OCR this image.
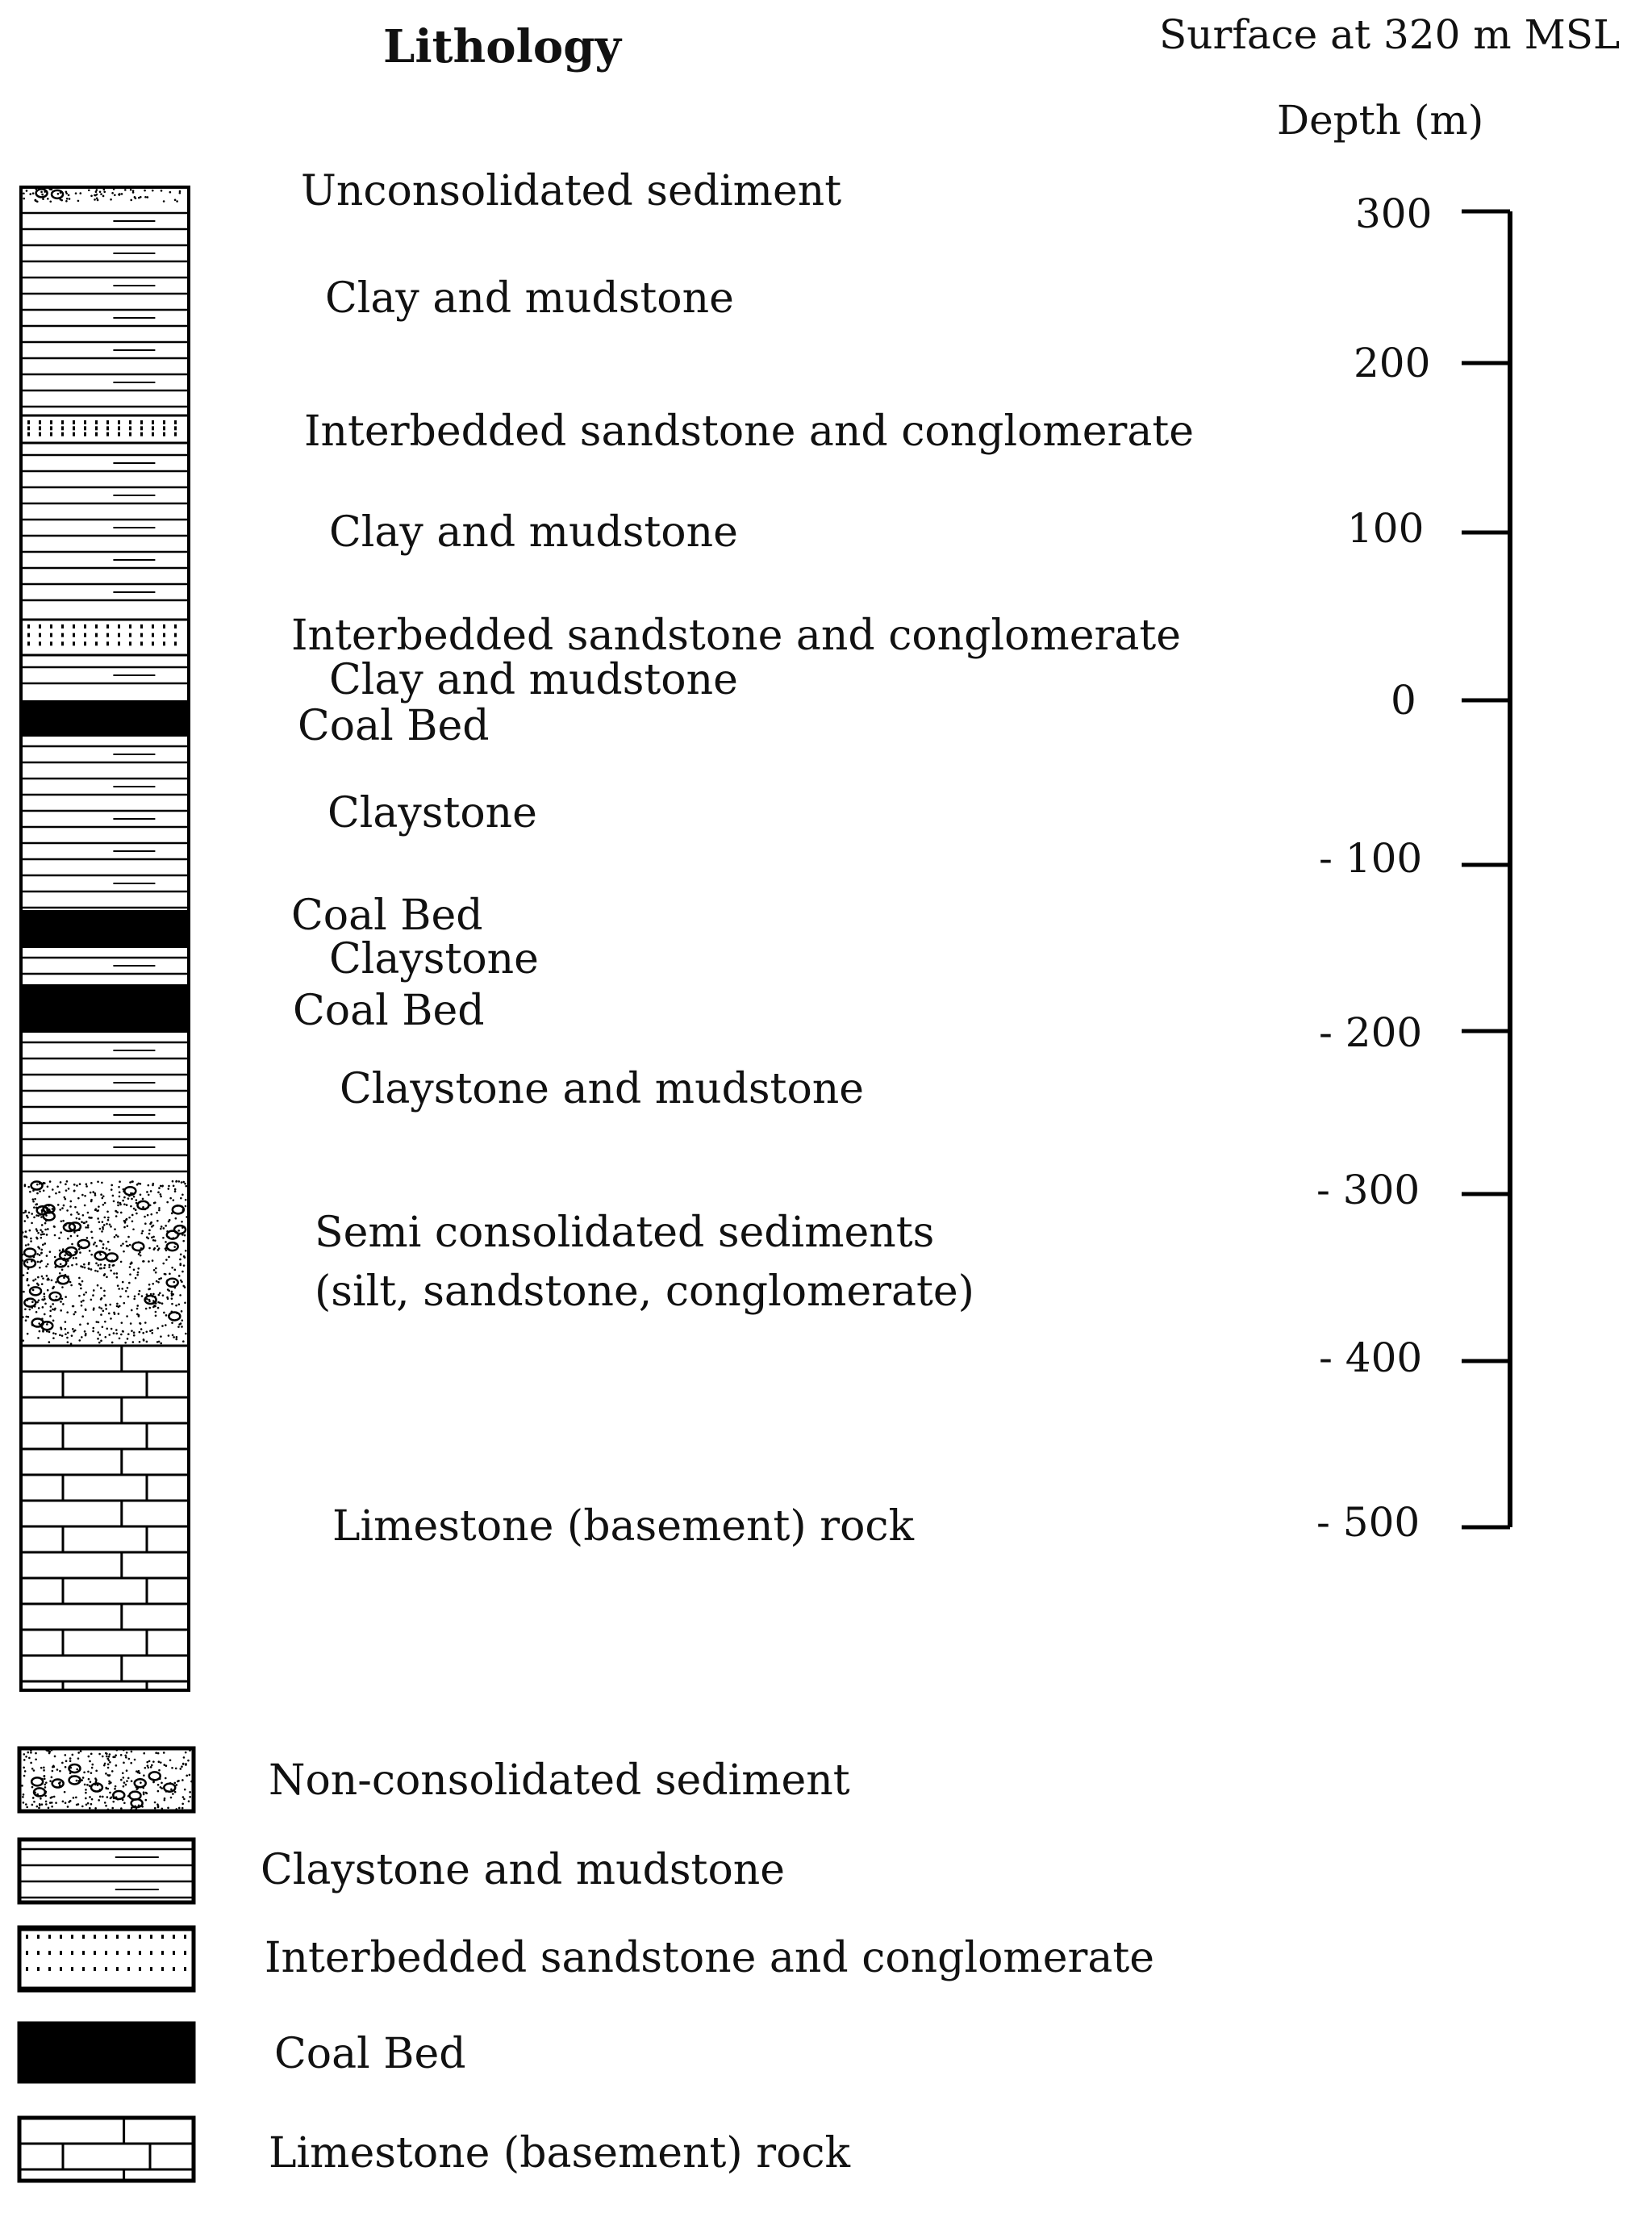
Lithology	Surface at 320 m MSL
Depth (m)
Unconsolidated sediment
Clay and mudstone
Interbedded sandstone and conglomerate
Clay and mudstone
Interbedded sandstone and conglomerate
Clay and mudstone
Coal Bed
Claystone
Coal Bed
Claystone
Coal Bed
Claystone and mudstone
Semi consolidated sediments
(silt, sandstone, conglomerate)
Limestone (basement) rock
300
200
100
0
- 100
- 200
- 300
- 400
- 500
Non-consolidated sediment
Claystone and mudstone
Interbedded sandstone and conglomerate
Coal Bed
Limestone (basement) rock
